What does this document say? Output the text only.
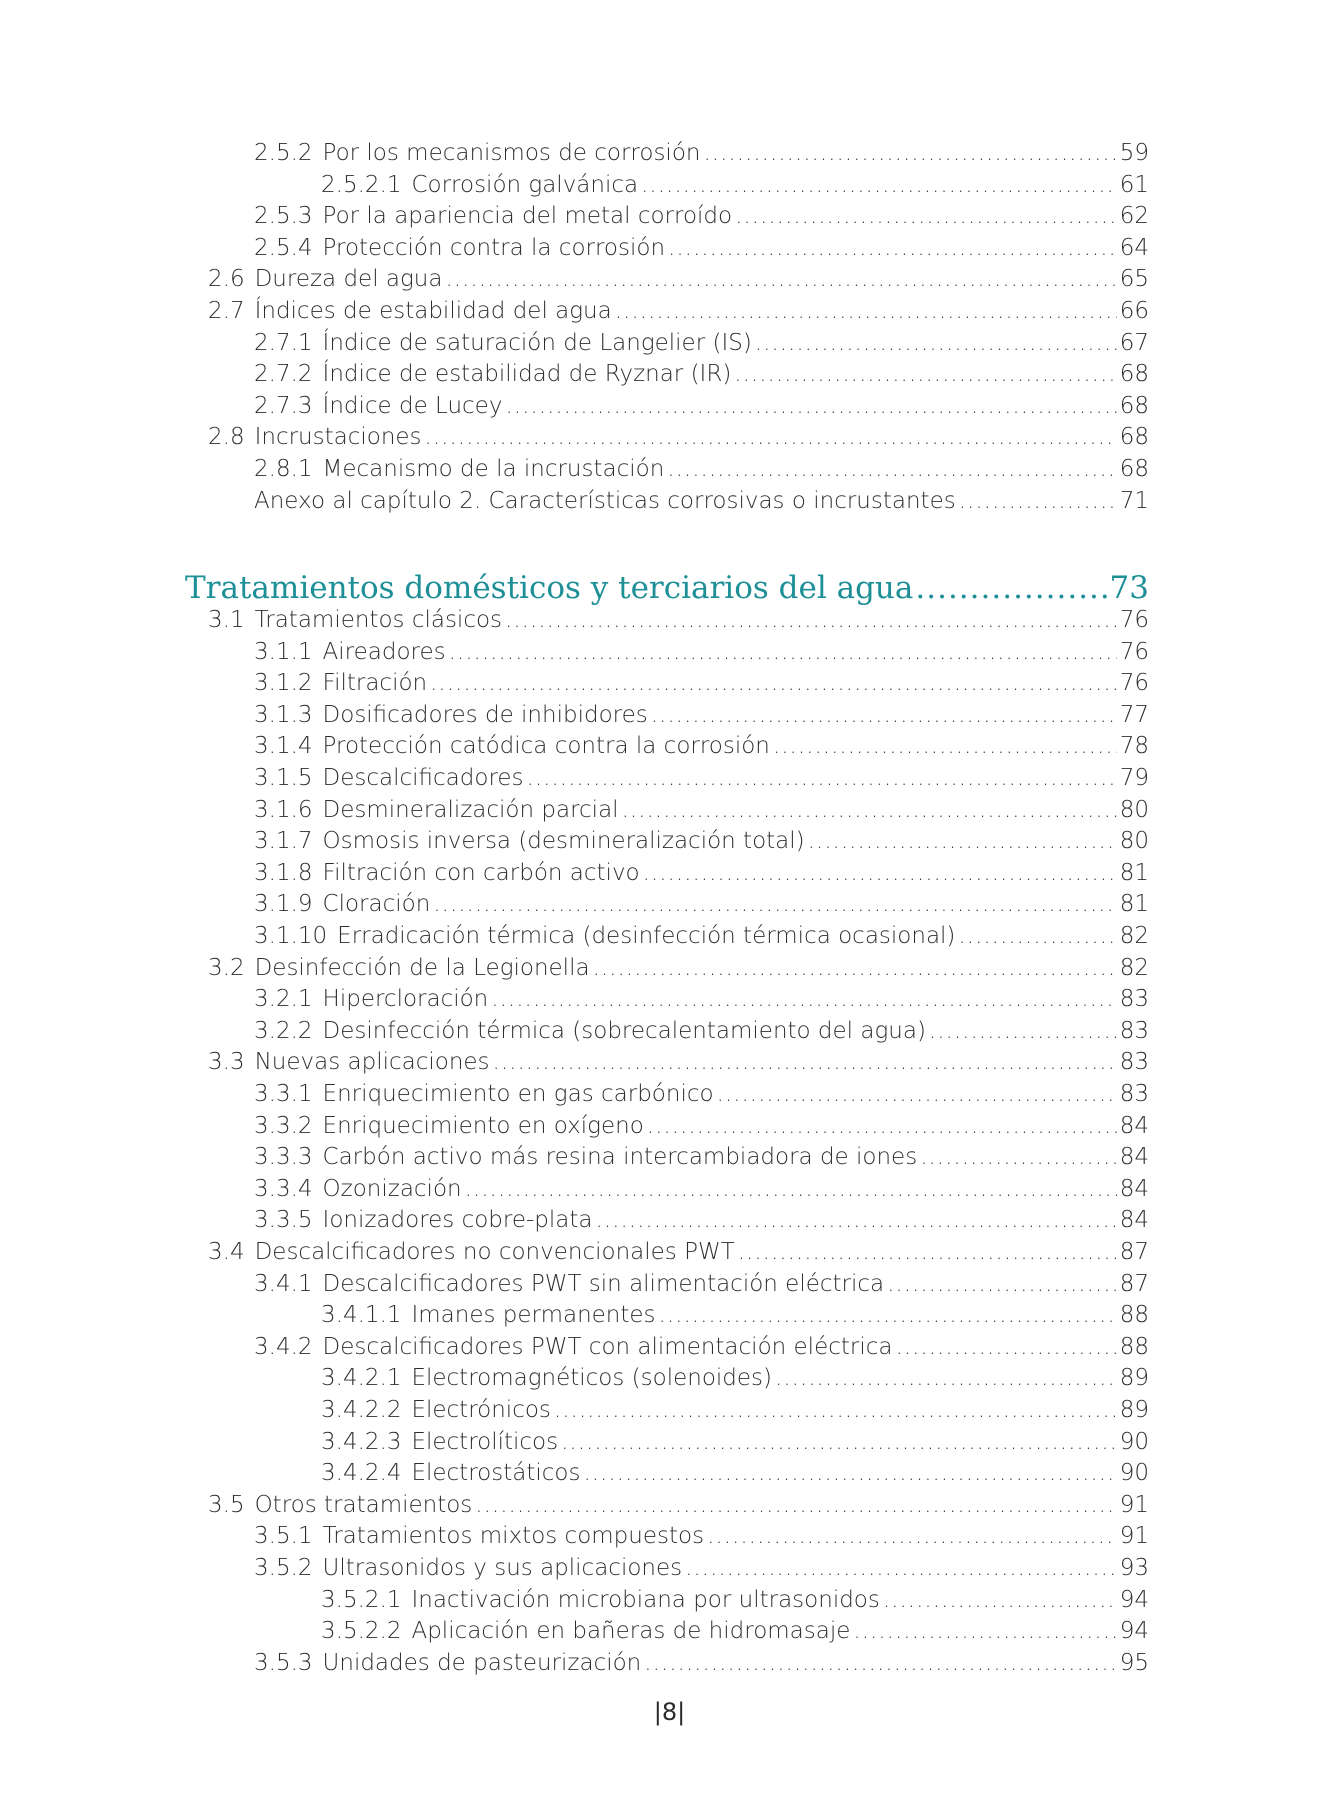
2.5.2 Por los mecanismos de corrosión .....	59
2.5.2.1 Corrosión galvánica .....	61
2.5.3 Por la apariencia del metal corroído .....	62
2.5.4 Protección contra la corrosión .....	64
2.6 Dureza del agua .....	65
2.7 Índices de estabilidad del agua .....	66
2.7.1 Índice de saturación de Langelier (IS) .....	67
2.7.2 Índice de estabilidad de Ryznar (IR) .....	68
2.7.3 Índice de Lucey .....	68
2.8 Incrustaciones .....	68
2.8.1 Mecanismo de la incrustación .....	68
Anexo al capítulo 2. Características corrosivas o incrustantes .....	71
Tratamientos domésticos y terciarios del agua .....	73
3.1 Tratamientos clásicos .....	76
3.1.1 Aireadores .....	76
3.1.2 Filtración .....	76
3.1.3 Dosificadores de inhibidores .....	77
3.1.4 Protección catódica contra la corrosión .....	78
3.1.5 Descalcificadores .....	79
3.1.6 Desmineralización parcial .....	80
3.1.7 Osmosis inversa (desmineralización total) .....	80
3.1.8 Filtración con carbón activo .....	81
3.1.9 Cloración .....	81
3.1.10 Erradicación térmica (desinfección térmica ocasional) .....	82
3.2 Desinfección de la Legionella .....	82
3.2.1 Hipercloración .....	83
3.2.2 Desinfección térmica (sobrecalentamiento del agua) .....	83
3.3 Nuevas aplicaciones .....	83
3.3.1 Enriquecimiento en gas carbónico .....	83
3.3.2 Enriquecimiento en oxígeno .....	84
3.3.3 Carbón activo más resina intercambiadora de iones .....	84
3.3.4 Ozonización .....	84
3.3.5 Ionizadores cobre-plata .....	84
3.4 Descalcificadores no convencionales PWT .....	87
3.4.1 Descalcificadores PWT sin alimentación eléctrica .....	87
3.4.1.1 Imanes permanentes .....	88
3.4.2 Descalcificadores PWT con alimentación eléctrica .....	88
3.4.2.1 Electromagnéticos (solenoides) .....	89
3.4.2.2 Electrónicos .....	89
3.4.2.3 Electrolíticos .....	90
3.4.2.4 Electrostáticos .....	90
3.5 Otros tratamientos .....	91
3.5.1 Tratamientos mixtos compuestos .....	91
3.5.2 Ultrasonidos y sus aplicaciones .....	93
3.5.2.1 Inactivación microbiana por ultrasonidos .....	94
3.5.2.2 Aplicación en bañeras de hidromasaje .....	94
3.5.3 Unidades de pasteurización .....	95
|8|
